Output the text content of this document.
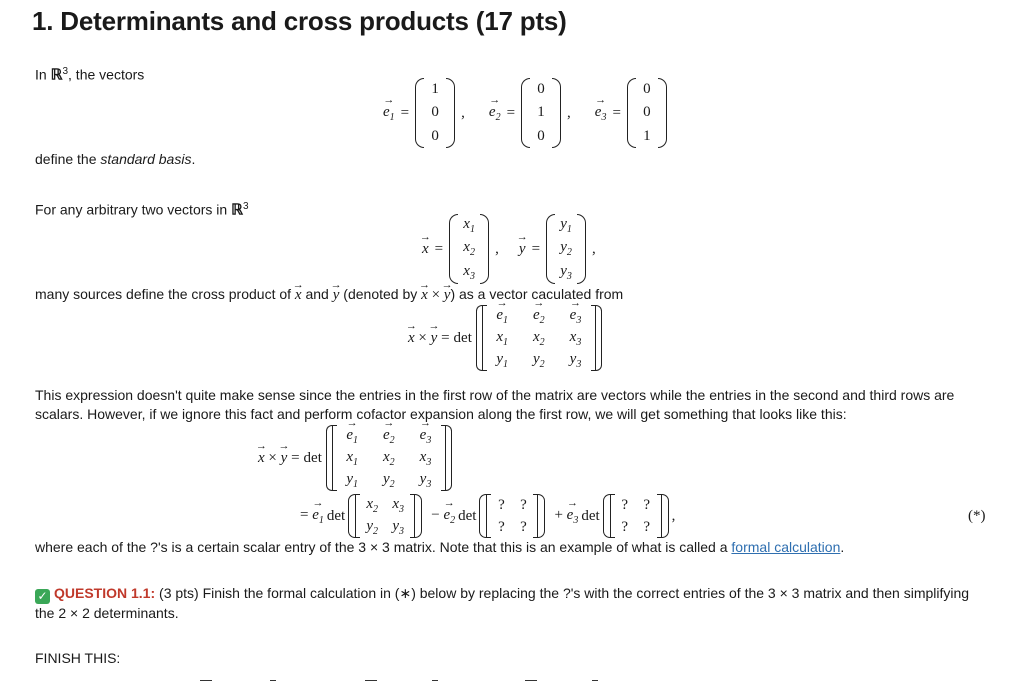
1. Determinants and cross products (17 pts)
In ℝ$^3$, the vectors
→ $e_1$ =
1
0
0
,
→ $e_2$ =
0
1
0
,
→ $e_3$ =
0
0
1
define the standard basis.
For any arbitrary two vectors in ℝ$^3$
→ x =
$x_1$
$x_2$
$x_3$
,
→ y =
$y_1$
$y_2$
$y_3$
,
many sources define the cross product of → x and → y (denoted by → x × → y) as a vector caculated from
→ x × → y = det
→ $e_1$
→ $e_2$
→ $e_3$
$x_1$ $x_2$ $x_3$
$y_1$ $y_2$ $y_3$
This expression doesn't quite make sense since the entries in the first row of the matrix are vectors while the entries in the second and third rows are
scalars. However, if we ignore this fact and perform cofactor expansion along the first row, we will get something that looks like this:
→ x × → y = det
→ $e_1$
→ $e_2$
→ $e_3$
$x_1$ $x_2$ $x_3$
$y_1$ $y_2$ $y_3$
= → $e_1$ det
$x_2$ $x_3$
$y_2$ $y_3$
− → $e_2$ det
? ?
? ?
+ → $e_3$ det
? ?
? ?
,	(*)
where each of the ?'s is a certain scalar entry of the 3 × 3 matrix. Note that this is an example of what is called a formal calculation.
✓ QUESTION 1.1: (3 pts) Finish the formal calculation in (∗) below by replacing the ?'s with the correct entries of the 3 × 3 matrix and then simplifying
the 2 × 2 determinants.
FINISH THIS:
